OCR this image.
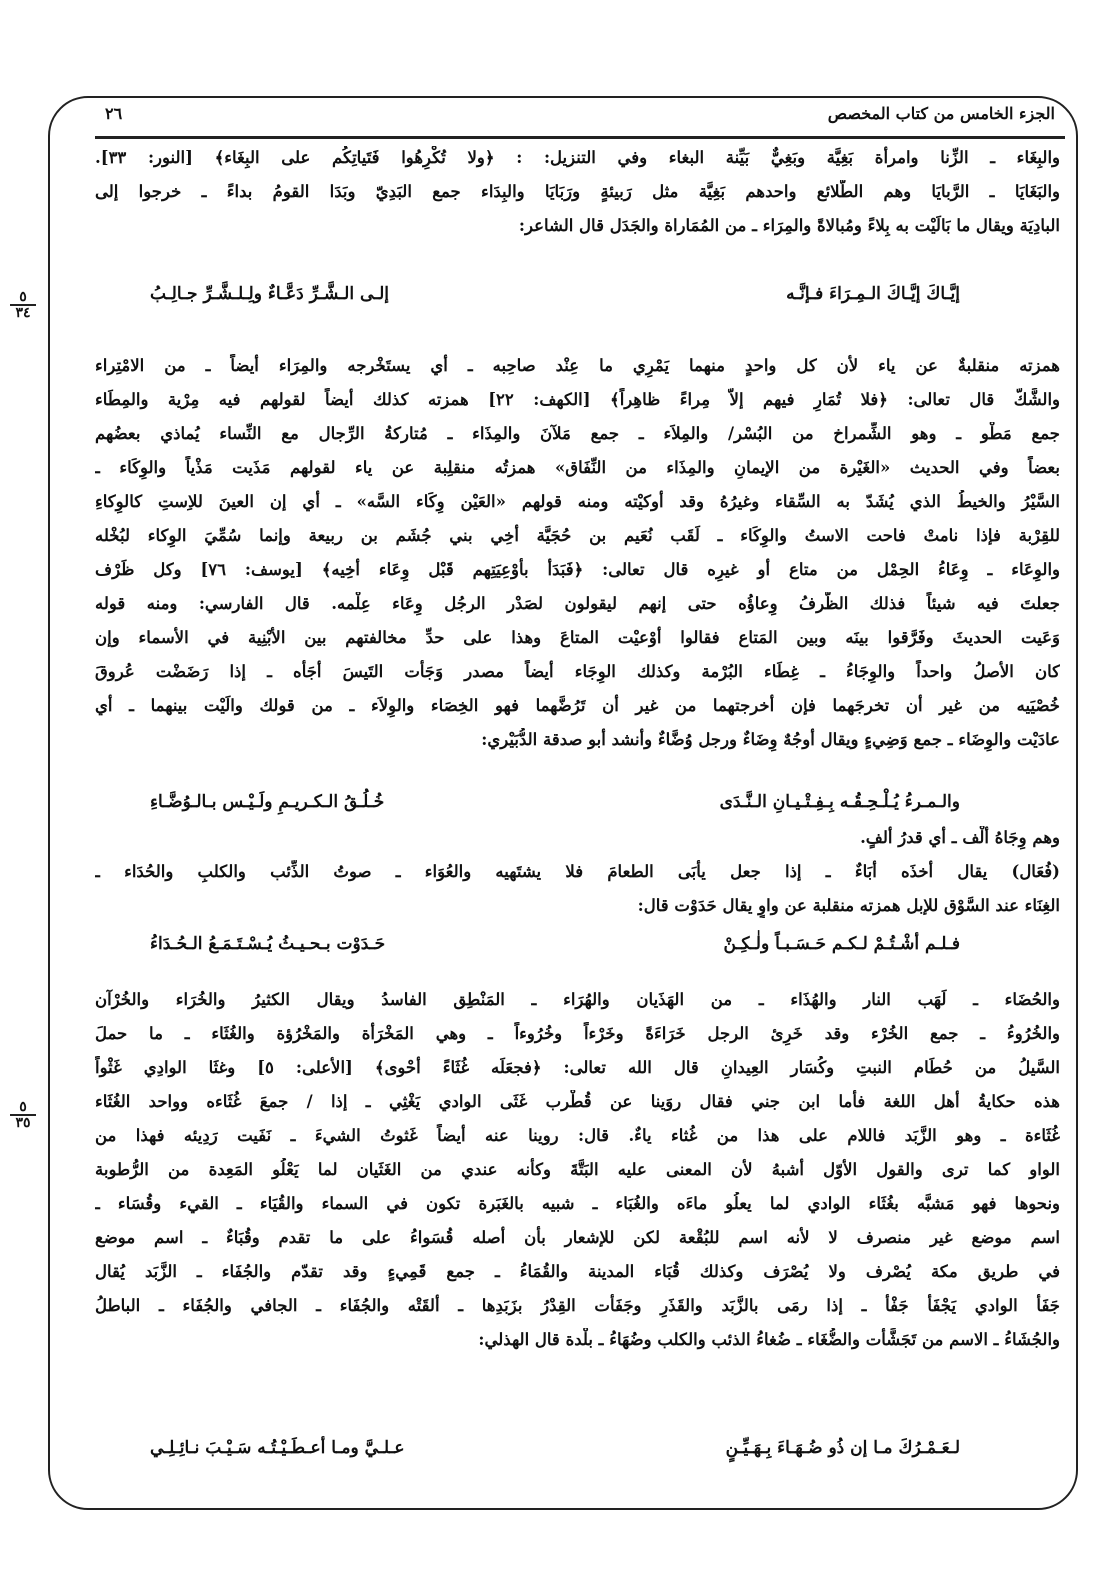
٢٦	الجزء الخامس من كتاب المخصص
٥
٣٤
٥
٣٥
والبِغَاء ـ الزِّنا وامرأة بَغِيَّة وبَغِيٌّ بَيِّنة البغاء وفي التنزيل: : ﴿ولا تُكْرِهُوا فَتَياتِكُم على البِغَاء﴾ [النور: ٣٣].
والبَغَايَا ـ الرَّبايَا وهم الطَّلائع واحدهم بَغِيَّة مثل رَبيئةٍ ورَبَايَا والبِدَاء جمع البَدِيّ وبَدَا القومُ بداءً ـ خرجوا إلى
البادِيَة ويقال ما بَالَيْت به بِلاءً ومُبالاةً والمِرَاء ـ من المُمَاراة والجَدَل قال الشاعر:
همزته منقلبةٌ عن ياء لأن كل واحدٍ منهما يَمْرِي ما عِنْد صاحِبه ـ أي يستَخْرجه والمِرَاء أيضاً ـ من الامْتِراء
والشَّكُّ قال تعالى: ﴿فلا تُمَارِ فيهم إلاّ مِراءً ظاهِراً﴾ [الكهف: ٢٢] همزته كذلك أيضاً لقولهم فيه مِرْية والمِطَاء
جمع مَطْو ـ وهو الشِّمراخ من البُسْر/ والمِلاَء ـ جمع مَلآنَ والمِذَاء ـ مُتاركةُ الرِّجال مع النِّساء يُماذي بعضُهم
بعضاً وفي الحديث «الغَيْرة من الإيمانِ والمِذَاء من النِّفَاق» همزتُه منقلِبة عن ياء لقولهم مَذَيت مَذْياً والوِكَاء ـ
السَّيْرُ والخيطُ الذي يُشَدّ به السِّقاء وغيرُهُ وقد أوكيْته ومنه قولهم «العَيْن وِكَاء السَّه» ـ أي إن العينَ للاِستِ كالوِكاءِ
للقِرْبة فإذا نامتْ فاحت الاستُ والوِكَاء ـ لَقَب نُعَيم بن حُجَيَّة أخِي بني جُشَم بن ربيعة وإنما سُمِّيَ الوِكاء لبُخْله
والوِعَاء ـ وِعَاءُ الحِمْل من متاع أو غيرِه قال تعالى: ﴿فَبَدَأَ بأوْعِيَتِهم قَبْل وِعَاء أخِيه﴾ [يوسف: ٧٦] وكل ظَرْف
جعلتَ فيه شيئاً فذلك الظَّرفُ وِعاؤُه حتى إنهم ليقولون لصَدْر الرجُل وِعَاء عِلْمه. قال الفارسي: ومنه قوله
وَعَيت الحديثَ وفَرَّقوا بينَه وبين المَتاع فقالوا أوْعيْت المتاعَ وهذا على حدِّ مخالفتهم بين الأبْنِية في الأسماء وإن
كان الأصلُ واحداً والوِجَاءُ ـ غِطَاء البُرْمة وكذلك الوِجَاء أيضاً مصدر وَجَأت التَيسَ أجَأُه ـ إذا رَضَضْت عُروقَ
خُصْيَيه من غير أن تخرجَهما فإن أخرجتهما من غير أن تَرُضَّهما فهو الخِصَاء والوِلاَء ـ من قولك والَيْت بينهما ـ أي
عادَيْت والوِضَاء ـ جمع وَضِيءٍ ويقال أوجُهٌ وِضَاءٌ ورجل وُضَّاءٌ وأنشد أبو صدقة الدُّبَيْري:
وهم وِجَاهُ ألْف ـ أي قدرُ ألفٍ.
(فُعَال) يقال أخذَه أُبَاءٌ ـ إذا جعل يأبَى الطعامَ فلا يشتَهيه والعُوَاء ـ صوتُ الذِّئب والكلبِ والحُدَاء ـ
الغِنَاء عند السَّوْق للإبل همزته منقلبة عن واوٍ يقال حَدَوْت قال:
والحُضَاء ـ لَهَب النار والهُذَاء ـ من الهَذَيان والهُرَاء ـ المَنْطِق الفاسدُ ويقال الكثيرُ والخُرَاء والخُرْآن
والخُرُوءُ ـ جمع الخُرْء وقد خَرِئ الرجل خَرَاءَةً وخَرْءاً وخُرُوءاً ـ وهي المَخْرَأة والمَخْرُؤة والغُثَاء ـ ما حملَ
السَّيلُ من حُطَام النبتِ وكُسَار العِيدانِ قال الله تعالى: ﴿فجعَلَه غُثَاءً أحْوى﴾ [الأعلى: ٥] وغثَا الوادِي غَثْواً
هذه حكايةُ أهل اللغة فأما ابن جني فقال روَينا عن قُطْرب غَثَى الوادي يَغْثِي ـ إذا / جمعَ غُثَاءه وواحد الغُثَاء
غُثَاءة ـ وهو الزَّبَد فاللام على هذا من غُثاء ياءٌ. قال: روينا عنه أيضاً غَثوتُ الشيءَ ـ نَفَيت رَدِيئه فهذا من
الواو كما ترى والقول الأوّل أشبهُ لأن المعنى عليه البَتَّةَ وكأنه عندي من الغَثَيان لما يَعْلُو المَعِدة من الرُّطوبة
ونحوها فهو مَشبَّه بغُثَاء الوادي لما يعلُو ماءَه والغُبَاء ـ شبيه بالغَبَرة تكون في السماء والقُيَاء ـ القيء وقُسَاء ـ
اسم موضع غير منصرف لا لأنه اسم للبُقْعة لكن للإشعار بأن أصله قُسَواءُ على ما تقدم وقُبَاءٌ ـ اسم موضع
في طريق مكة يُصْرف ولا يُصْرَف وكذلك قُبَاء المدينة والقُمَاءُ ـ جمع قَمِيءٍ وقد تقدّم والجُفَاء ـ الزَّبَد يُقال
جَفَأ الوادي يَجْفَأ جَفْأً ـ إذا رمَى بالزَّبَد والقَذَرِ وجَفَأت القِدْرُ بزَبَدِها ـ ألقَتْه والجُفَاء ـ الجافي والجُفَاء ـ الباطلُ
والجُشَاءُ ـ الاسم من تَجَشَّأت والضُّغَاء ـ ضُغاءُ الذئب والكلب وضُهَاءُ ـ بلْدة قال الهذلي:
إيَّـاكَ إيَّـاكَ الـمِـرَاءَ فـإنَّـه
إلـى الـشَّـرِّ دَعَّـاءٌ ولِـلـشَّـرِّ جـالِـبُ
والـمـرءُ يُـلْـحِـقُـه بِـفِـتْـيـانِ الـنَّـدَى
خُـلُـقُ الـكـريـمِ ولَـيْـس بـالـوُضَّـاءِ
فـلـم أشْـتُـمْ لـكـم حَـسَـبـاً ولٰـكِـنْ
حَـدَوْت بـحـيـثُ يُـسْـتَـمَـعُ الـحُـدَاءُ
لـعَـمْـرُكَ مـا إن ذُو ضُـهَـاءَ بِـهَـيِّـنٍ
عـلـيَّ ومـا أعـطَـيْـتُـه سَـيْـبَ نـائِـلِـي
